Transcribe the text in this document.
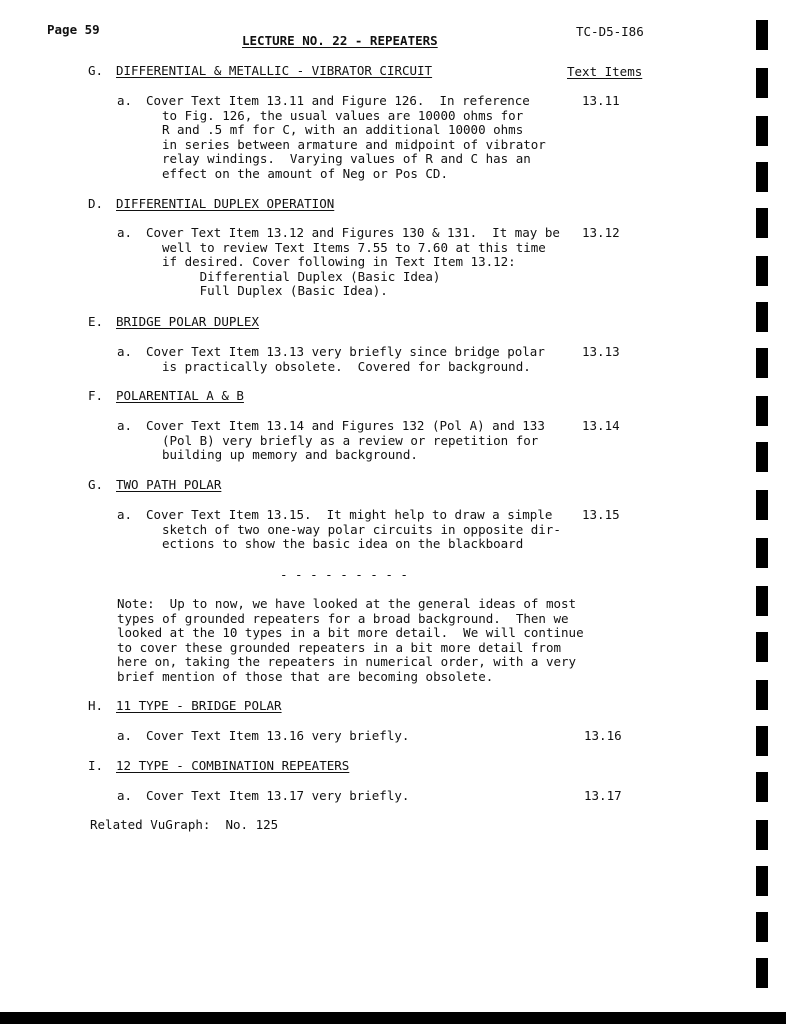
Page 59
LECTURE NO. 22 - REPEATERS
TC-D5-I86
Text Items
G. DIFFERENTIAL & METALLIC - VIBRATOR CIRCUIT
a. Cover Text Item 13.11 and Figure 126.  In reference
to Fig. 126, the usual values are 10000 ohms for
R and .5 mf for C, with an additional 10000 ohms
in series between armature and midpoint of vibrator
relay windings.  Varying values of R and C has an
effect on the amount of Neg or Pos CD.
13.11
D. DIFFERENTIAL DUPLEX OPERATION
a. Cover Text Item 13.12 and Figures 130 & 131.  It may be
well to review Text Items 7.55 to 7.60 at this time
if desired. Cover following in Text Item 13.12:
Differential Duplex (Basic Idea)
Full Duplex (Basic Idea).
13.12
E. BRIDGE POLAR DUPLEX
a. Cover Text Item 13.13 very briefly since bridge polar
is practically obsolete.  Covered for background.
13.13
F. POLARENTIAL A & B
a. Cover Text Item 13.14 and Figures 132 (Pol A) and 133
(Pol B) very briefly as a review or repetition for
building up memory and background.
13.14
G. TWO PATH POLAR
a. Cover Text Item 13.15.  It might help to draw a simple
sketch of two one-way polar circuits in opposite dir-
ections to show the basic idea on the blackboard
13.15
- - - - - - - - -
Note:  Up to now, we have looked at the general ideas of most
types of grounded repeaters for a broad background.  Then we
looked at the 10 types in a bit more detail.  We will continue
to cover these grounded repeaters in a bit more detail from
here on, taking the repeaters in numerical order, with a very
brief mention of those that are becoming obsolete.
H. 11 TYPE - BRIDGE POLAR
a. Cover Text Item 13.16 very briefly.	13.16
I. 12 TYPE - COMBINATION REPEATERS
a. Cover Text Item 13.17 very briefly.	13.17
Related VuGraph:  No. 125
